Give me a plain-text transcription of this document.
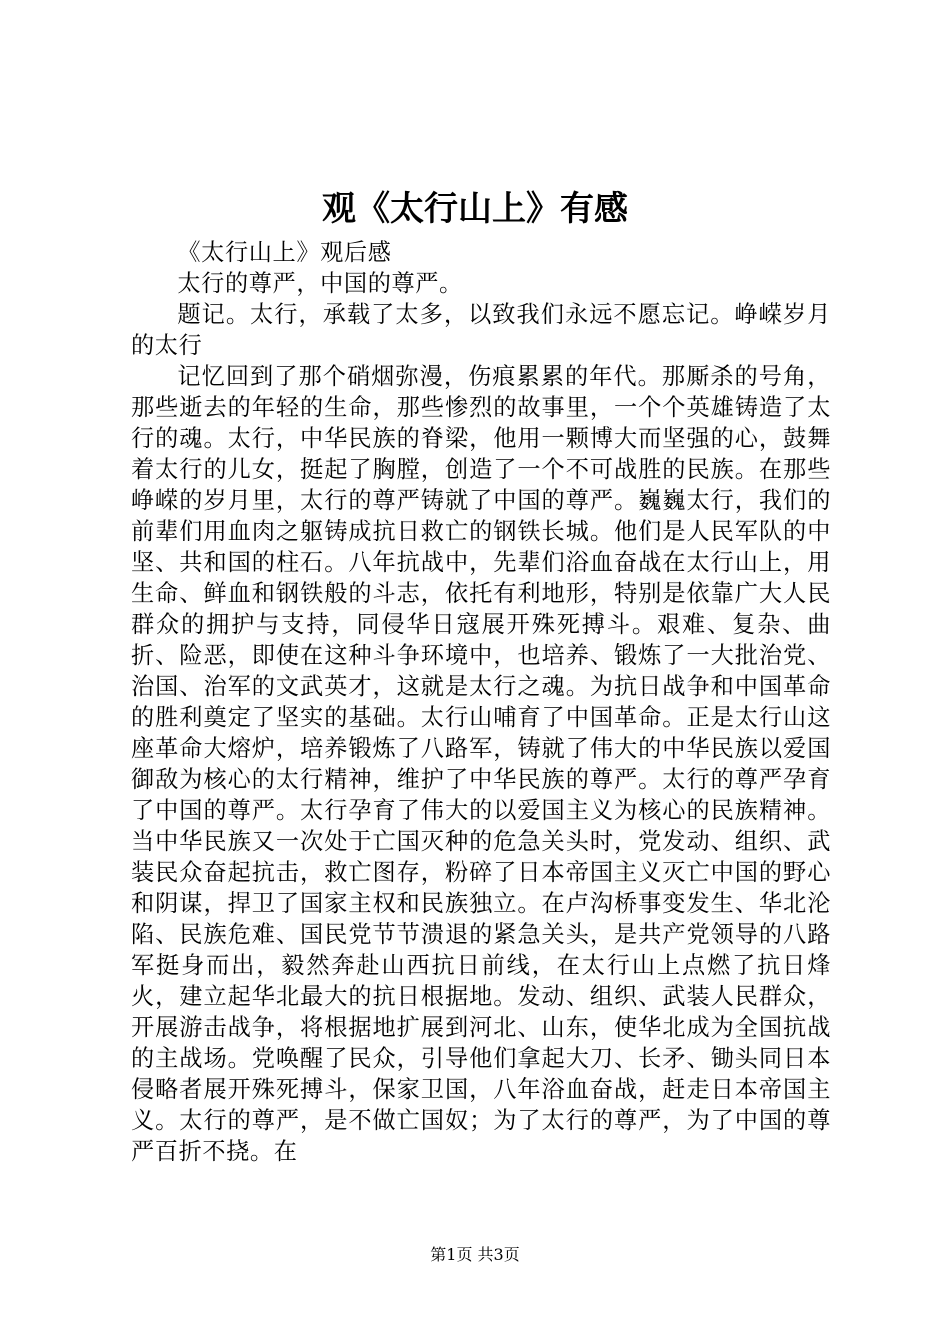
观《太行山上》有感

《太行山上》观后感

太行的尊严，中国的尊严。

题记。太行，承载了太多，以致我们永远不愿忘记。峥嵘岁月的太行

记忆回到了那个硝烟弥漫，伤痕累累的年代。那厮杀的号角，那些逝去的年轻的生命，那些惨烈的故事里，一个个英雄铸造了太行的魂。太行，中华民族的脊梁，他用一颗博大而坚强的心，鼓舞着太行的儿女，挺起了胸膛，创造了一个不可战胜的民族。在那些峥嵘的岁月里，太行的尊严铸就了中国的尊严。巍巍太行，我们的前辈们用血肉之躯铸成抗日救亡的钢铁长城。他们是人民军队的中坚、共和国的柱石。八年抗战中，先辈们浴血奋战在太行山上，用生命、鲜血和钢铁般的斗志，依托有利地形，特别是依靠广大人民群众的拥护与支持，同侵华日寇展开殊死搏斗。艰难、复杂、曲折、险恶，即使在这种斗争环境中，也培养、锻炼了一大批治党、治国、治军的文武英才，这就是太行之魂。为抗日战争和中国革命的胜利奠定了坚实的基础。太行山哺育了中国革命。正是太行山这座革命大熔炉，培养锻炼了八路军，铸就了伟大的中华民族以爱国御敌为核心的太行精神，维护了中华民族的尊严。太行的尊严孕育了中国的尊严。太行孕育了伟大的以爱国主义为核心的民族精神。当中华民族又一次处于亡国灭种的危急关头时，党发动、组织、武装民众奋起抗击，救亡图存，粉碎了日本帝国主义灭亡中国的野心和阴谋，捍卫了国家主权和民族独立。在卢沟桥事变发生、华北沦陷、民族危难、国民党节节溃退的紧急关头，是共产党领导的八路军挺身而出，毅然奔赴山西抗日前线，在太行山上点燃了抗日烽火，建立起华北最大的抗日根据地。发动、组织、武装人民群众，开展游击战争，将根据地扩展到河北、山东，使华北成为全国抗战的主战场。党唤醒了民众，引导他们拿起大刀、长矛、锄头同日本侵略者展开殊死搏斗，保家卫国，八年浴血奋战，赶走日本帝国主义。太行的尊严，是不做亡国奴；为了太行的尊严，为了中国的尊严百折不挠。在

第1页 共3页
